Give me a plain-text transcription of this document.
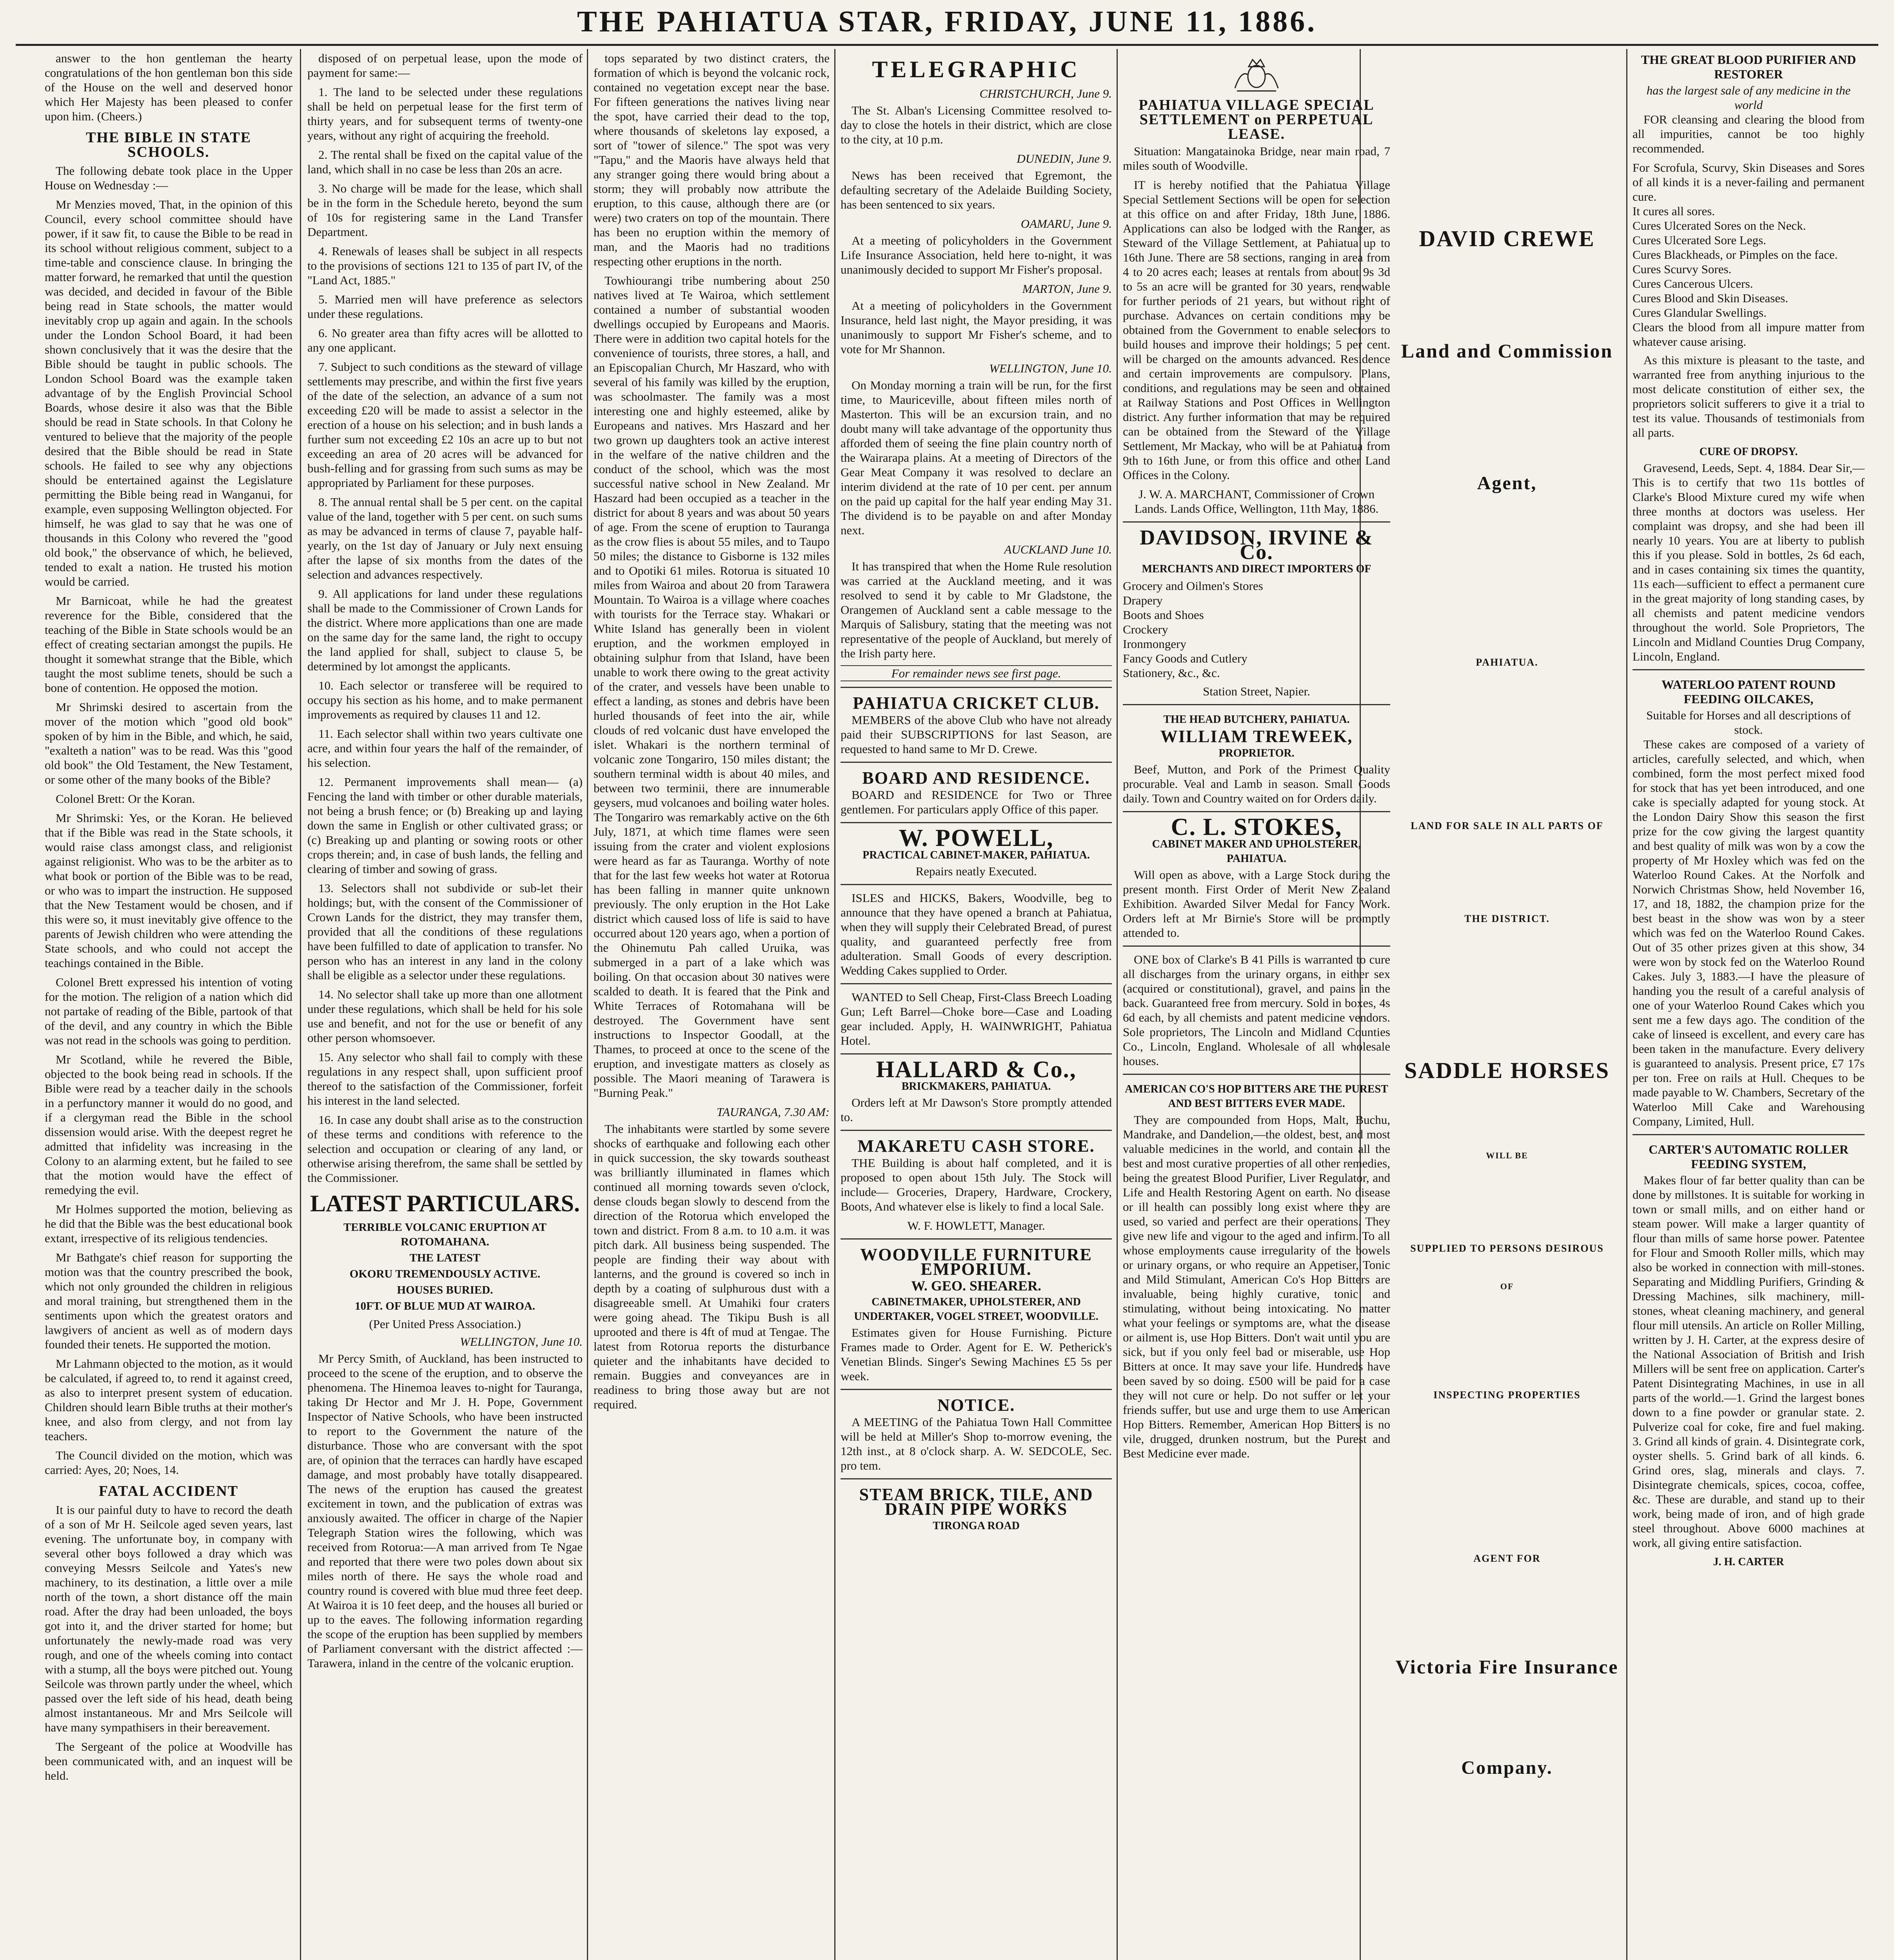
THE PAHIATUA STAR, FRIDAY, JUNE 11, 1886.

answer to the hon gentleman the hearty congratulations of the hon gentleman bon this side of the House on the well and deserved honor which Her Majesty has been pleased to confer upon him. (Cheers.)

THE BIBLE IN STATE SCHOOLS.

The following debate took place in the Upper House on Wednesday :—

Mr Menzies moved, That, in the opinion of this Council, every school committee should have power, if it saw fit, to cause the Bible to be read in its school without religious comment, subject to a time-table and conscience clause. In bringing the matter forward, he remarked that until the question was decided, and decided in favour of the Bible being read in State schools, the matter would inevitably crop up again and again. In the schools under the London School Board, it had been shown conclusively that it was the desire that the Bible should be taught in public schools. The London School Board was the example taken advantage of by the English Provincial School Boards, whose desire it also was that the Bible should be read in State schools. In that Colony he ventured to believe that the majority of the people desired that the Bible should be read in State schools. He failed to see why any objections should be entertained against the Legislature permitting the Bible being read in Wanganui, for example, even supposing Wellington objected. For himself, he was glad to say that he was one of thousands in this Colony who revered the "good old book," the observance of which, he believed, tended to exalt a nation. He trusted his motion would be carried.

Mr Barnicoat, while he had the greatest reverence for the Bible, considered that the teaching of the Bible in State schools would be an effect of creating sectarian amongst the pupils. He thought it somewhat strange that the Bible, which taught the most sublime tenets, should be such a bone of contention. He opposed the motion.

Mr Shrimski desired to ascertain from the mover of the motion which "good old book" spoken of by him in the Bible, and which, he said, "exalteth a nation" was to be read. Was this "good old book" the Old Testament, the New Testament, or some other of the many books of the Bible?

Colonel Brett: Or the Koran.

Mr Shrimski: Yes, or the Koran. He believed that if the Bible was read in the State schools, it would raise class amongst class, and religionist against religionist. Who was to be the arbiter as to what book or portion of the Bible was to be read, or who was to impart the instruction. He supposed that the New Testament would be chosen, and if this were so, it must inevitably give offence to the parents of Jewish children who were attending the State schools, and who could not accept the teachings contained in the Bible.

Colonel Brett expressed his intention of voting for the motion. The religion of a nation which did not partake of reading of the Bible, partook of that of the devil, and any country in which the Bible was not read in the schools was going to perdition.

Mr Scotland, while he revered the Bible, objected to the book being read in schools. If the Bible were read by a teacher daily in the schools in a perfunctory manner it would do no good, and if a clergyman read the Bible in the school dissension would arise. With the deepest regret he admitted that infidelity was increasing in the Colony to an alarming extent, but he failed to see that the motion would have the effect of remedying the evil.

Mr Holmes supported the motion, believing as he did that the Bible was the best educational book extant, irrespective of its religious tendencies.

Mr Bathgate's chief reason for supporting the motion was that the country prescribed the book, which not only grounded the children in religious and moral training, but strengthened them in the sentiments upon which the greatest orators and lawgivers of ancient as well as of modern days founded their tenets. He supported the motion.

Mr Lahmann objected to the motion, as it would be calculated, if agreed to, to rend it against creed, as also to interpret present system of education. Children should learn Bible truths at their mother's knee, and also from clergy, and not from lay teachers.

The Council divided on the motion, which was carried: Ayes, 20; Noes, 14.

FATAL ACCIDENT

It is our painful duty to have to record the death of a son of Mr H. Seilcole aged seven years, last evening. The unfortunate boy, in company with several other boys followed a dray which was conveying Messrs Seilcole and Yates's new machinery, to its destination, a little over a mile north of the town, a short distance off the main road. After the dray had been unloaded, the boys got into it, and the driver started for home; but unfortunately the newly-made road was very rough, and one of the wheels coming into contact with a stump, all the boys were pitched out. Young Seilcole was thrown partly under the wheel, which passed over the left side of his head, death being almost instantaneous. Mr and Mrs Seilcole will have many sympathisers in their bereavement.

The Sergeant of the police at Woodville has been communicated with, and an inquest will be held.

disposed of on perpetual lease, upon the mode of payment for same:—

1. The land to be selected under these regulations shall be held on perpetual lease for the first term of thirty years, and for subsequent terms of twenty-one years, without any right of acquiring the freehold.

2. The rental shall be fixed on the capital value of the land, which shall in no case be less than 20s an acre.

3. No charge will be made for the lease, which shall be in the form in the Schedule hereto, beyond the sum of 10s for registering same in the Land Transfer Department.

4. Renewals of leases shall be subject in all respects to the provisions of sections 121 to 135 of part IV, of the "Land Act, 1885."

5. Married men will have preference as selectors under these regulations.

6. No greater area than fifty acres will be allotted to any one applicant.

7. Subject to such conditions as the steward of village settlements may prescribe, and within the first five years of the date of the selection, an advance of a sum not exceeding £20 will be made to assist a selector in the erection of a house on his selection; and in bush lands a further sum not exceeding £2 10s an acre up to but not exceeding an area of 20 acres will be advanced for bush-felling and for grassing from such sums as may be appropriated by Parliament for these purposes.

8. The annual rental shall be 5 per cent. on the capital value of the land, together with 5 per cent. on such sums as may be advanced in terms of clause 7, payable half-yearly, on the 1st day of January or July next ensuing after the lapse of six months from the dates of the selection and advances respectively.

9. All applications for land under these regulations shall be made to the Commissioner of Crown Lands for the district. Where more applications than one are made on the same day for the same land, the right to occupy the land applied for shall, subject to clause 5, be determined by lot amongst the applicants.

10. Each selector or transferee will be required to occupy his section as his home, and to make permanent improvements as required by clauses 11 and 12.

11. Each selector shall within two years cultivate one acre, and within four years the half of the remainder, of his selection.

12. Permanent improvements shall mean— (a) Fencing the land with timber or other durable materials, not being a brush fence; or (b) Breaking up and laying down the same in English or other cultivated grass; or (c) Breaking up and planting or sowing roots or other crops therein; and, in case of bush lands, the felling and clearing of timber and sowing of grass.

13. Selectors shall not subdivide or sub-let their holdings; but, with the consent of the Commissioner of Crown Lands for the district, they may transfer them, provided that all the conditions of these regulations have been fulfilled to date of application to transfer. No person who has an interest in any land in the colony shall be eligible as a selector under these regulations.

14. No selector shall take up more than one allotment under these regulations, which shall be held for his sole use and benefit, and not for the use or benefit of any other person whomsoever.

15. Any selector who shall fail to comply with these regulations in any respect shall, upon sufficient proof thereof to the satisfaction of the Commissioner, forfeit his interest in the land selected.

16. In case any doubt shall arise as to the construction of these terms and conditions with reference to the selection and occupation or clearing of any land, or otherwise arising therefrom, the same shall be settled by the Commissioner.

LATEST PARTICULARS.
TERRIBLE VOLCANIC ERUPTION AT ROTOMAHANA.
THE LATEST
OKORU TREMENDOUSLY ACTIVE.
HOUSES BURIED.
10FT. OF BLUE MUD AT WAIROA.
(Per United Press Association.)
WELLINGTON, June 10.

Mr Percy Smith, of Auckland, has been instructed to proceed to the scene of the eruption, and to observe the phenomena. The Hinemoa leaves to-night for Tauranga, taking Dr Hector and Mr J. H. Pope, Government Inspector of Native Schools, who have been instructed to report to the Government the nature of the disturbance. Those who are conversant with the spot are, of opinion that the terraces can hardly have escaped damage, and most probably have totally disappeared. The news of the eruption has caused the greatest excitement in town, and the publication of extras was anxiously awaited. The officer in charge of the Napier Telegraph Station wires the following, which was received from Rotorua:—A man arrived from Te Ngae and reported that there were two poles down about six miles north of there. He says the whole road and country round is covered with blue mud three feet deep. At Wairoa it is 10 feet deep, and the houses all buried or up to the eaves. The following information regarding the scope of the eruption has been supplied by members of Parliament conversant with the district affected :—Tarawera, inland in the centre of the volcanic eruption.

tops separated by two distinct craters, the formation of which is beyond the volcanic rock, contained no vegetation except near the base. For fifteen generations the natives living near the spot, have carried their dead to the top, where thousands of skeletons lay exposed, a sort of "tower of silence." The spot was very "Tapu," and the Maoris have always held that any stranger going there would bring about a storm; they will probably now attribute the eruption, to this cause, although there are (or were) two craters on top of the mountain. There has been no eruption within the memory of man, and the Maoris had no traditions respecting other eruptions in the north.

Towhiourangi tribe numbering about 250 natives lived at Te Wairoa, which settlement contained a number of substantial wooden dwellings occupied by Europeans and Maoris. There were in addition two capital hotels for the convenience of tourists, three stores, a hall, and an Episcopalian Church, Mr Haszard, who with several of his family was killed by the eruption, was schoolmaster. The family was a most interesting one and highly esteemed, alike by Europeans and natives. Mrs Haszard and her two grown up daughters took an active interest in the welfare of the native children and the conduct of the school, which was the most successful native school in New Zealand. Mr Haszard had been occupied as a teacher in the district for about 8 years and was about 50 years of age. From the scene of eruption to Tauranga as the crow flies is about 55 miles, and to Taupo 50 miles; the distance to Gisborne is 132 miles and to Opotiki 61 miles. Rotorua is situated 10 miles from Wairoa and about 20 from Tarawera Mountain. To Wairoa is a village where coaches with tourists for the Terrace stay. Whakari or White Island has generally been in violent eruption, and the workmen employed in obtaining sulphur from that Island, have been unable to work there owing to the great activity of the crater, and vessels have been unable to effect a landing, as stones and debris have been hurled thousands of feet into the air, while clouds of red volcanic dust have enveloped the islet. Whakari is the northern terminal of volcanic zone Tongariro, 150 miles distant; the southern terminal width is about 40 miles, and between two terminii, there are innumerable geysers, mud volcanoes and boiling water holes. The Tongariro was remarkably active on the 6th July, 1871, at which time flames were seen issuing from the crater and violent explosions were heard as far as Tauranga. Worthy of note that for the last few weeks hot water at Rotorua has been falling in manner quite unknown previously. The only eruption in the Hot Lake district which caused loss of life is said to have occurred about 120 years ago, when a portion of the Ohinemutu Pah called Uruika, was submerged in a part of a lake which was boiling. On that occasion about 30 natives were scalded to death. It is feared that the Pink and White Terraces of Rotomahana will be destroyed. The Government have sent instructions to Inspector Goodall, at the Thames, to proceed at once to the scene of the eruption, and investigate matters as closely as possible. The Maori meaning of Tarawera is "Burning Peak."

TAURANGA, 7.30 AM:

The inhabitants were startled by some severe shocks of earthquake and following each other in quick succession, the sky towards southeast was brilliantly illuminated in flames which continued all morning towards seven o'clock, dense clouds began slowly to descend from the direction of the Rotorua which enveloped the town and district. From 8 a.m. to 10 a.m. it was pitch dark. All business being suspended. The people are finding their way about with lanterns, and the ground is covered so inch in depth by a coating of sulphurous dust with a disagreeable smell. At Umahiki four craters were going ahead. The Tikipu Bush is all uprooted and there is 4ft of mud at Tengae. The latest from Rotorua reports the disturbance quieter and the inhabitants have decided to remain. Buggies and conveyances are in readiness to bring those away but are not required.

TELEGRAPHIC
CHRISTCHURCH, June 9.

The St. Alban's Licensing Committee resolved to-day to close the hotels in their district, which are close to the city, at 10 p.m.

DUNEDIN, June 9.

News has been received that Egremont, the defaulting secretary of the Adelaide Building Society, has been sentenced to six years.

OAMARU, June 9.

At a meeting of policyholders in the Government Life Insurance Association, held here to-night, it was unanimously decided to support Mr Fisher's proposal.

MARTON, June 9.

At a meeting of policyholders in the Government Insurance, held last night, the Mayor presiding, it was unanimously to support Mr Fisher's scheme, and to vote for Mr Shannon.

WELLINGTON, June 10.

On Monday morning a train will be run, for the first time, to Mauriceville, about fifteen miles north of Masterton. This will be an excursion train, and no doubt many will take advantage of the opportunity thus afforded them of seeing the fine plain country north of the Wairarapa plains. At a meeting of Directors of the Gear Meat Company it was resolved to declare an interim dividend at the rate of 10 per cent. per annum on the paid up capital for the half year ending May 31. The dividend is to be payable on and after Monday next.

AUCKLAND June 10.

It has transpired that when the Home Rule resolution was carried at the Auckland meeting, and it was resolved to send it by cable to Mr Gladstone, the Orangemen of Auckland sent a cable message to the Marquis of Salisbury, stating that the meeting was not representative of the people of Auckland, but merely of the Irish party here.

For remainder news see first page.
PAHIATUA CRICKET CLUB.

MEMBERS of the above Club who have not already paid their SUBSCRIPTIONS for last Season, are requested to hand same to Mr D. Crewe.

BOARD AND RESIDENCE.

BOARD and RESIDENCE for Two or Three gentlemen. For particulars apply Office of this paper.

W. POWELL,
PRACTICAL CABINET-MAKER, PAHIATUA.
Repairs neatly Executed.

ISLES and HICKS, Bakers, Woodville, beg to announce that they have opened a branch at Pahiatua, when they will supply their Celebrated Bread, of purest quality, and guaranteed perfectly free from adulteration. Small Goods of every description. Wedding Cakes supplied to Order.

WANTED to Sell Cheap, First-Class Breech Loading Gun; Left Barrel—Choke bore—Case and Loading gear included. Apply, H. WAINWRIGHT, Pahiatua Hotel.

HALLARD & Co.,
BRICKMAKERS, PAHIATUA.

Orders left at Mr Dawson's Store promptly attended to.

MAKARETU CASH STORE.

THE Building is about half completed, and it is proposed to open about 15th July. The Stock will include— Groceries, Drapery, Hardware, Crockery, Boots, And whatever else is likely to find a local Sale.

W. F. HOWLETT, Manager.
WOODVILLE FURNITURE EMPORIUM.
W. GEO. SHEARER.
CABINETMAKER, UPHOLSTERER, AND UNDERTAKER, VOGEL STREET, WOODVILLE.

Estimates given for House Furnishing. Picture Frames made to Order. Agent for E. W. Petherick's Venetian Blinds. Singer's Sewing Machines £5 5s per week.

NOTICE.

A MEETING of the Pahiatua Town Hall Committee will be held at Miller's Shop to-morrow evening, the 12th inst., at 8 o'clock sharp. A. W. SEDCOLE, Sec. pro tem.

STEAM BRICK, TILE, AND DRAIN PIPE WORKS
TIRONGA ROAD
PAHIATUA VILLAGE SPECIAL SETTLEMENT on PERPETUAL LEASE.

Situation: Mangatainoka Bridge, near main road, 7 miles south of Woodville.

IT is hereby notified that the Pahiatua Village Special Settlement Sections will be open for selection at this office on and after Friday, 18th June, 1886. Applications can also be lodged with the Ranger, as Steward of the Village Settlement, at Pahiatua up to 16th June. There are 58 sections, ranging in area from 4 to 20 acres each; leases at rentals from about 9s 3d to 5s an acre will be granted for 30 years, renewable for further periods of 21 years, but without right of purchase. Advances on certain conditions may be obtained from the Government to enable selectors to build houses and improve their holdings; 5 per cent. will be charged on the amounts advanced. Residence and certain improvements are compulsory. Plans, conditions, and regulations may be seen and obtained at Railway Stations and Post Offices in Wellington district. Any further information that may be required can be obtained from the Steward of the Village Settlement, Mr Mackay, who will be at Pahiatua from 9th to 16th June, or from this office and other Land Offices in the Colony.

J. W. A. MARCHANT, Commissioner of Crown Lands. Lands Office, Wellington, 11th May, 1886.
DAVIDSON, IRVINE & Co.
MERCHANTS AND DIRECT IMPORTERS OF
Grocery and Oilmen's Stores
Drapery
Boots and Shoes
Crockery
Ironmongery
Fancy Goods and Cutlery
Stationery, &c., &c.
Station Street, Napier.
THE HEAD BUTCHERY, PAHIATUA.
WILLIAM TREWEEK,
PROPRIETOR.

Beef, Mutton, and Pork of the Primest Quality procurable. Veal and Lamb in season. Small Goods daily. Town and Country waited on for Orders daily.

C. L. STOKES,
CABINET MAKER AND UPHOLSTERER, PAHIATUA.

Will open as above, with a Large Stock during the present month. First Order of Merit New Zealand Exhibition. Awarded Silver Medal for Fancy Work. Orders left at Mr Birnie's Store will be promptly attended to.

ONE box of Clarke's B 41 Pills is warranted to cure all discharges from the urinary organs, in either sex (acquired or constitutional), gravel, and pains in the back. Guaranteed free from mercury. Sold in boxes, 4s 6d each, by all chemists and patent medicine vendors. Sole proprietors, The Lincoln and Midland Counties Co., Lincoln, England. Wholesale of all wholesale houses.

AMERICAN CO'S HOP BITTERS ARE THE PUREST AND BEST BITTERS EVER MADE.

They are compounded from Hops, Malt, Buchu, Mandrake, and Dandelion,—the oldest, best, and most valuable medicines in the world, and contain all the best and most curative properties of all other remedies, being the greatest Blood Purifier, Liver Regulator, and Life and Health Restoring Agent on earth. No disease or ill health can possibly long exist where they are used, so varied and perfect are their operations. They give new life and vigour to the aged and infirm. To all whose employments cause irregularity of the bowels or urinary organs, or who require an Appetiser, Tonic and Mild Stimulant, American Co's Hop Bitters are invaluable, being highly curative, tonic and stimulating, without being intoxicating. No matter what your feelings or symptoms are, what the disease or ailment is, use Hop Bitters. Don't wait until you are sick, but if you only feel bad or miserable, use Hop Bitters at once. It may save your life. Hundreds have been saved by so doing. £500 will be paid for a case they will not cure or help. Do not suffer or let your friends suffer, but use and urge them to use American Hop Bitters. Remember, American Hop Bitters is no vile, drugged, drunken nostrum, but the Purest and Best Medicine ever made.

DAVID CREWE

Land and Commission

Agent,

PAHIATUA.

LAND FOR SALE IN ALL PARTS OF

THE DISTRICT.

SADDLE HORSES

WILL BE

SUPPLIED TO PERSONS DESIROUS

OF

INSPECTING PROPERTIES

AGENT FOR

Victoria Fire Insurance

Company.

THE GREAT BLOOD PURIFIER AND RESTORER
has the largest sale of any medicine in the world

FOR cleansing and clearing the blood from all impurities, cannot be too highly recommended.

For Scrofula, Scurvy, Skin Diseases and Sores of all kinds it is a never-failing and permanent cure.
It cures all sores.
Cures Ulcerated Sores on the Neck.
Cures Ulcerated Sore Legs.
Cures Blackheads, or Pimples on the face.
Cures Scurvy Sores.
Cures Cancerous Ulcers.
Cures Blood and Skin Diseases.
Cures Glandular Swellings.
Clears the blood from all impure matter from whatever cause arising.

As this mixture is pleasant to the taste, and warranted free from anything injurious to the most delicate constitution of either sex, the proprietors solicit sufferers to give it a trial to test its value. Thousands of testimonials from all parts.

CURE OF DROPSY.

Gravesend, Leeds, Sept. 4, 1884. Dear Sir,—This is to certify that two 11s bottles of Clarke's Blood Mixture cured my wife when three months at doctors was useless. Her complaint was dropsy, and she had been ill nearly 10 years. You are at liberty to publish this if you please. Sold in bottles, 2s 6d each, and in cases containing six times the quantity, 11s each—sufficient to effect a permanent cure in the great majority of long standing cases, by all chemists and patent medicine vendors throughout the world. Sole Proprietors, The Lincoln and Midland Counties Drug Company, Lincoln, England.

WATERLOO PATENT ROUND FEEDING OILCAKES,
Suitable for Horses and all descriptions of stock.

These cakes are composed of a variety of articles, carefully selected, and which, when combined, form the most perfect mixed food for stock that has yet been introduced, and one cake is specially adapted for young stock. At the London Dairy Show this season the first prize for the cow giving the largest quantity and best quality of milk was won by a cow the property of Mr Hoxley which was fed on the Waterloo Round Cakes. At the Norfolk and Norwich Christmas Show, held November 16, 17, and 18, 1882, the champion prize for the best beast in the show was won by a steer which was fed on the Waterloo Round Cakes. Out of 35 other prizes given at this show, 34 were won by stock fed on the Waterloo Round Cakes. July 3, 1883.—I have the pleasure of handing you the result of a careful analysis of one of your Waterloo Round Cakes which you sent me a few days ago. The condition of the cake of linseed is excellent, and every care has been taken in the manufacture. Every delivery is guaranteed to analysis. Present price, £7 17s per ton. Free on rails at Hull. Cheques to be made payable to W. Chambers, Secretary of the Waterloo Mill Cake and Warehousing Company, Limited, Hull.

CARTER'S AUTOMATIC ROLLER FEEDING SYSTEM,

Makes flour of far better quality than can be done by millstones. It is suitable for working in town or small mills, and on either hand or steam power. Will make a larger quantity of flour than mills of same horse power. Patentee for Flour and Smooth Roller mills, which may also be worked in connection with mill-stones. Separating and Middling Purifiers, Grinding & Dressing Machines, silk machinery, mill-stones, wheat cleaning machinery, and general flour mill utensils. An article on Roller Milling, written by J. H. Carter, at the express desire of the National Association of British and Irish Millers will be sent free on application. Carter's Patent Disintegrating Machines, in use in all parts of the world.—1. Grind the largest bones down to a fine powder or granular state. 2. Pulverize coal for coke, fire and fuel making. 3. Grind all kinds of grain. 4. Disintegrate cork, oyster shells. 5. Grind bark of all kinds. 6. Grind ores, slag, minerals and clays. 7. Disintegrate chemicals, spices, cocoa, coffee, &c. These are durable, and stand up to their work, being made of iron, and of high grade steel throughout. Above 6000 machines at work, all giving entire satisfaction.

J. H. CARTER
